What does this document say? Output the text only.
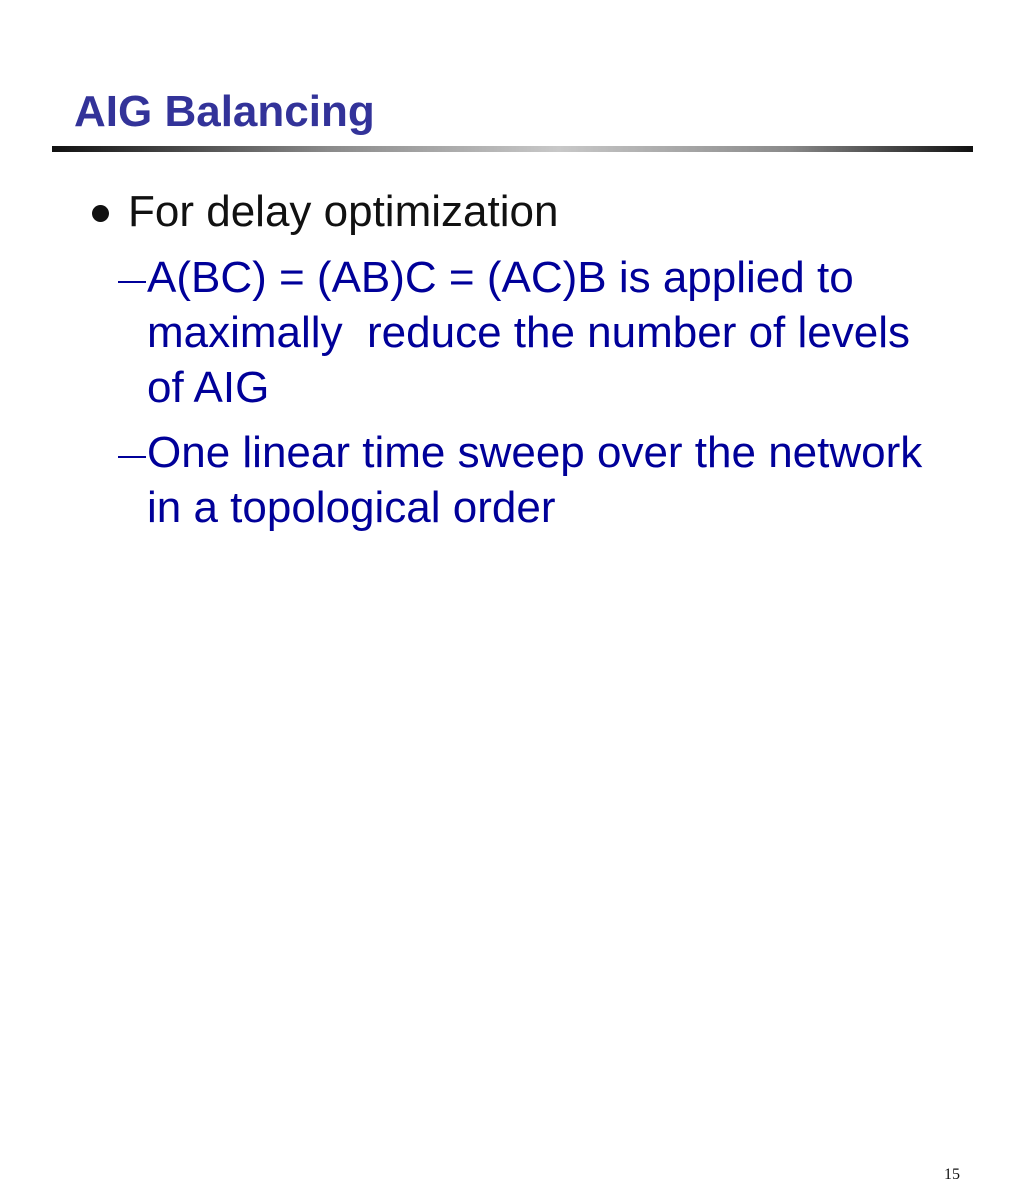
AIG Balancing
For delay optimization
A(BC) = (AB)C = (AC)B is applied to
maximally  reduce the number of levels
of AIG
One linear time sweep over the network
in a topological order
15
